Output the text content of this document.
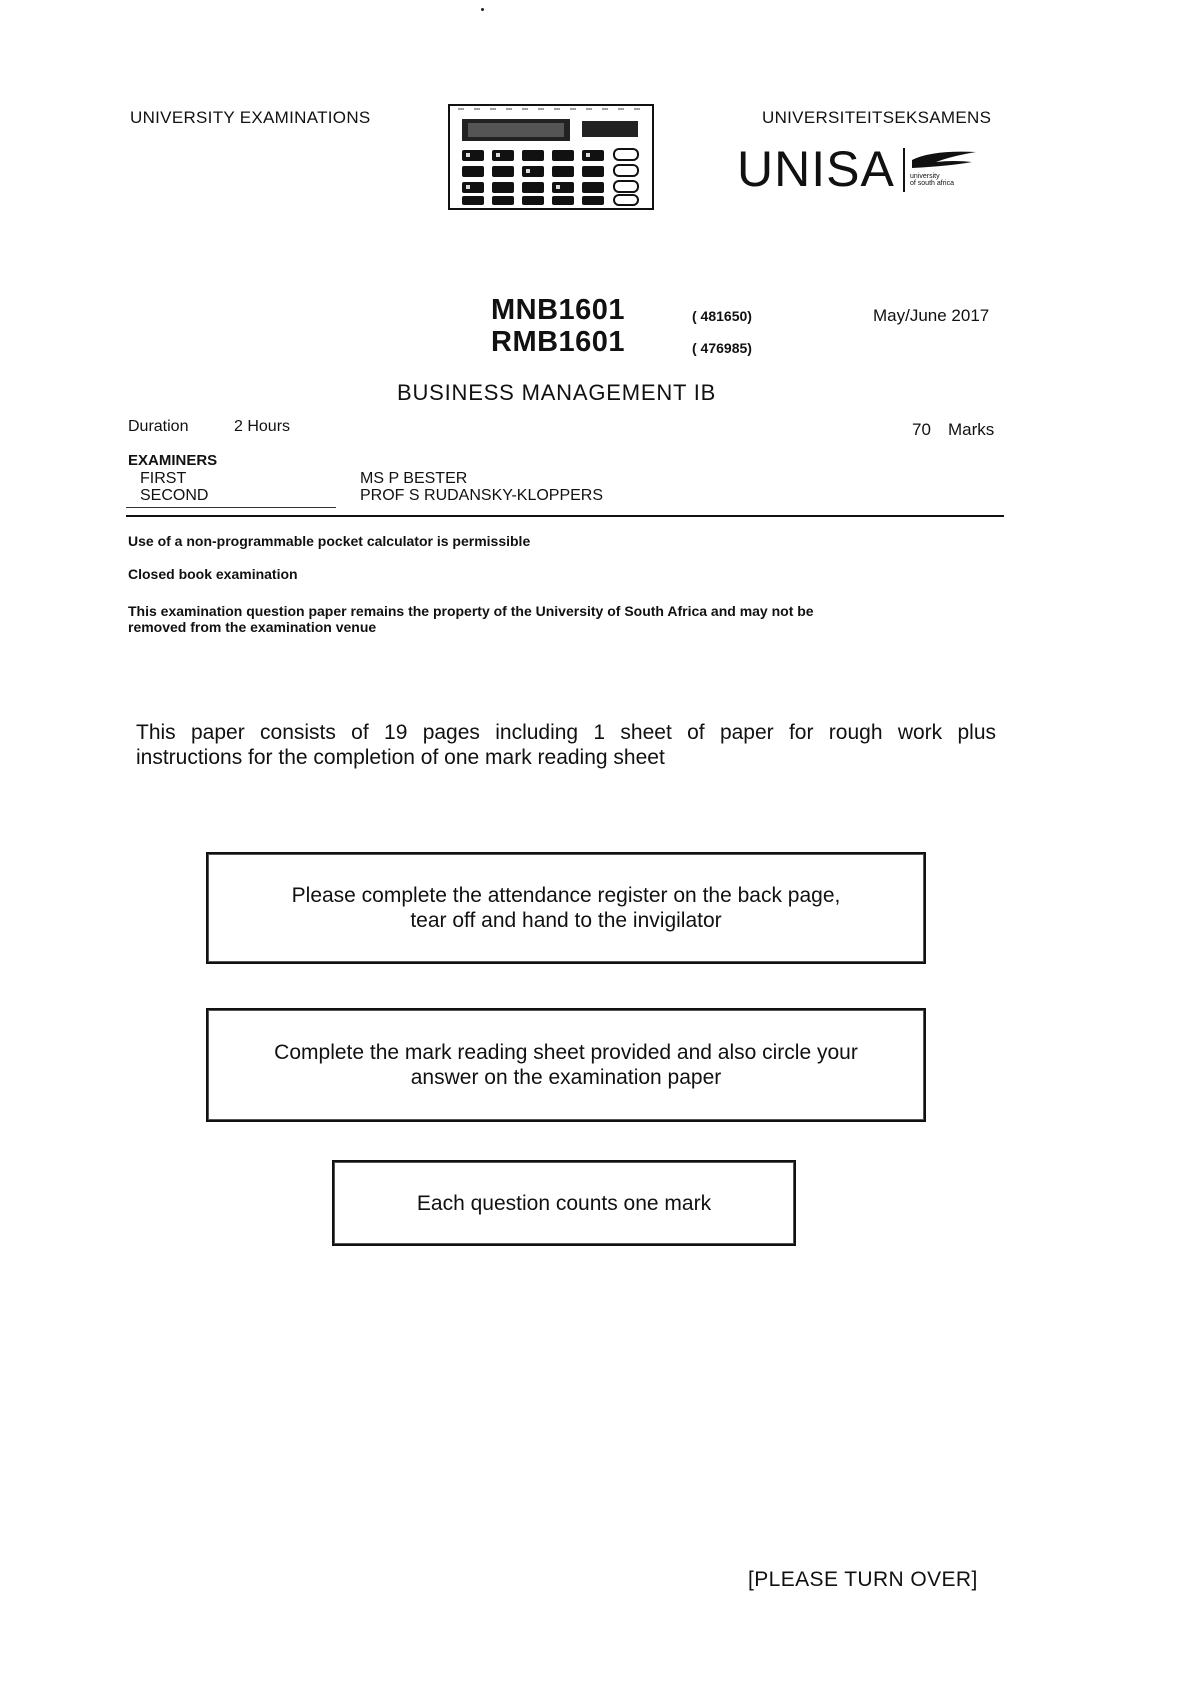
UNIVERSITY EXAMINATIONS	UNIVERSITEITSEKSAMENS
UNISA university
of south africa
MNB1601	( 481650)
RMB1601	( 476985)
May/June 2017
BUSINESS MANAGEMENT IB
Duration	2 Hours	70 Marks
EXAMINERS
FIRST	MS P BESTER
SECOND	PROF S RUDANSKY-KLOPPERS
Use of a non-programmable pocket calculator is permissible
Closed book examination
This examination question paper remains the property of the University of South Africa and may not be
removed from the examination venue
This paper consists of 19 pages including 1 sheet of paper for rough work plus
instructions for the completion of one mark reading sheet
Please complete the attendance register on the back page,
tear off and hand to the invigilator
Complete the mark reading sheet provided and also circle your
answer on the examination paper
Each question counts one mark
[PLEASE TURN OVER]
